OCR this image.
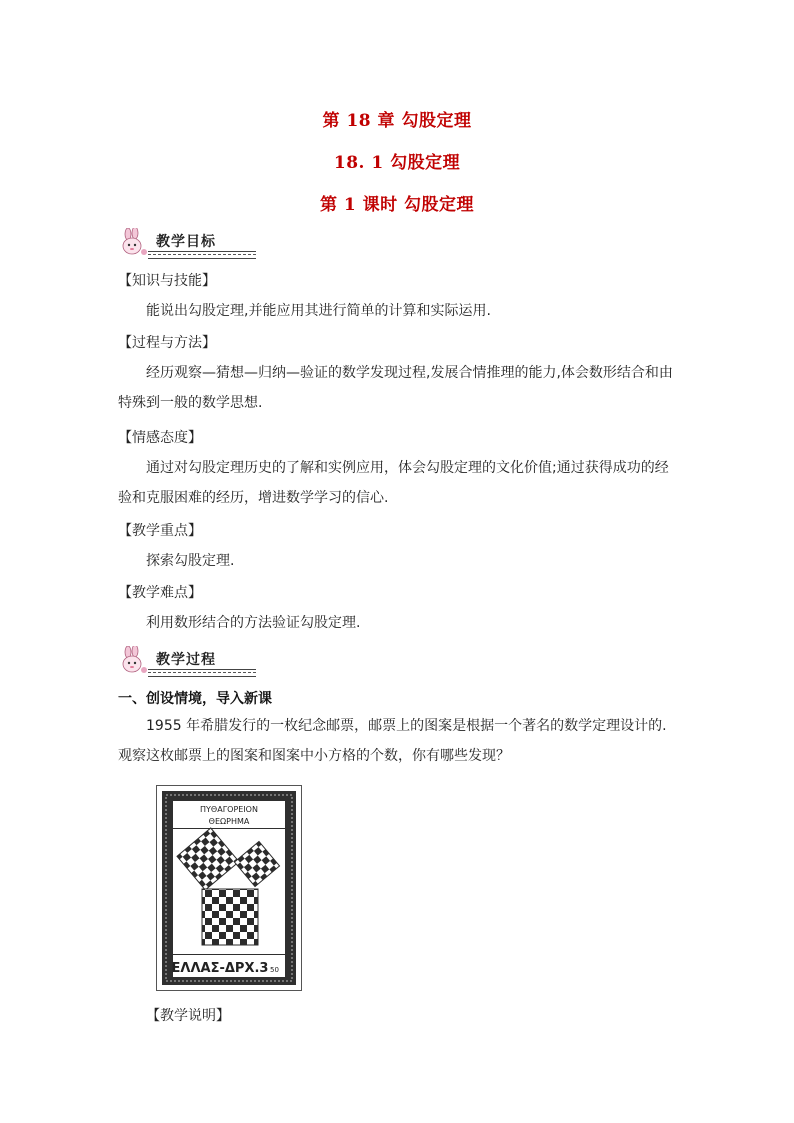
第 18 章 勾股定理
18. 1 勾股定理
第 1 课时 勾股定理
教学目标
【知识与技能】
能说出勾股定理,并能应用其进行简单的计算和实际运用.
【过程与方法】
经历观察—猜想—归纳—验证的数学发现过程,发展合情推理的能力,体会数形结合和由特殊到一般的数学思想.
【情感态度】
通过对勾股定理历史的了解和实例应用，体会勾股定理的文化价值;通过获得成功的经验和克服困难的经历，增进数学学习的信心.
【教学重点】
探索勾股定理.
【教学难点】
利用数形结合的方法验证勾股定理.
教学过程
一、创设情境，导入新课
1955 年希腊发行的一枚纪念邮票，邮票上的图案是根据一个著名的数学定理设计的.观察这枚邮票上的图案和图案中小方格的个数，你有哪些发现？
ΠΥΘΑΓΟΡΕΙΟΝ
ΘΕΩΡΗΜΑ
ΕΛΛΑΣ-ΔΡΧ.3 50
【教学说明】
